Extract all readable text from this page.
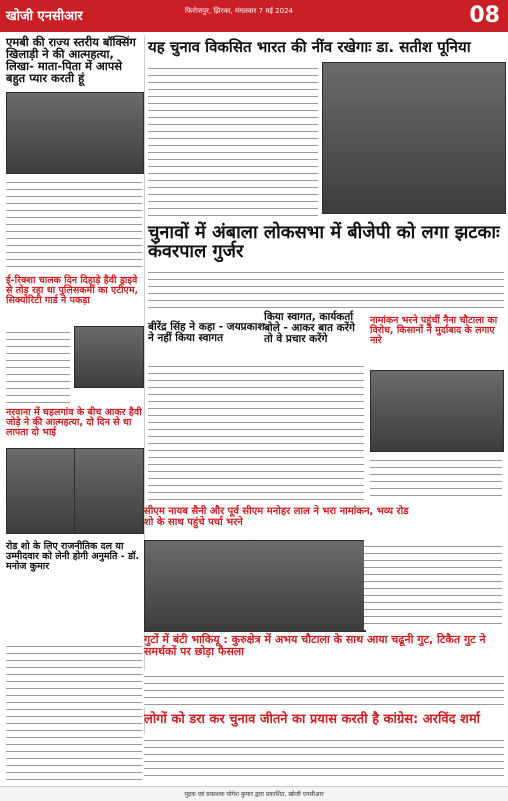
खोजी एनसीआर	फिरोजपुर, झिरका, मंगलवार 7 मई 2024	08
एमबी की राज्य स्तरीय बॉक्सिंग खिलाड़ी ने की आत्महत्या, लिखा- माता-पिता में आपसे बहुत प्यार करती हूं
ई-रिक्शा चालक दिन दिहाड़े हैवी ड्राइवे से तोड़ रहा था पुलिसकर्मी का एटीएम, सिक्योरिटी गार्ड ने पकड़ा
नरवाना में चहलगांव के बीच आकर हैवी जोड़े ने की आत्महत्या, दो दिन से था लापता दो भाई
रोड शो के लिए राजनीतिक दल या उम्मीदवार को लेनी होगी अनुमति - डॉ. मनोज कुमार
यह चुनाव विकसित भारत की नींव रखेगाः डा. सतीश पूनिया
चुनावों में अंबाला लोकसभा में बीजेपी को लगा झटकाः कंवरपाल गुर्जर
बीरेंद्र सिंह ने कहा - जयप्रकाश ने नहीं किया स्वागत
किया स्वागत, कार्यकर्ता बोले - आकर बात करेंगे तो वे प्रचार करेंगे
नामांकन भरने पहुंचीं नैना चौटाला का विरोध, किसानों ने मुर्दाबाद के लगाए नारे
सीएम नायब सैनी और पूर्व सीएम मनोहर लाल ने भरा नामांकन, भव्य रोड शो के साथ पहुंचे पर्चा भरने
गुटों में बंटी भाकियू : कुरुक्षेत्र में अभय चौटाला के साथ आया चढूनी गुट, टिकैत गुट ने समर्थकों पर छोड़ा फैसला
लोगों को डरा कर चुनाव जीतने का प्रयास करती है कांग्रेस: अरविंद शर्मा
मुद्रक एवं प्रकाशक योगेश कुमार द्वारा प्रकाशित, खोजी एनसीआर
